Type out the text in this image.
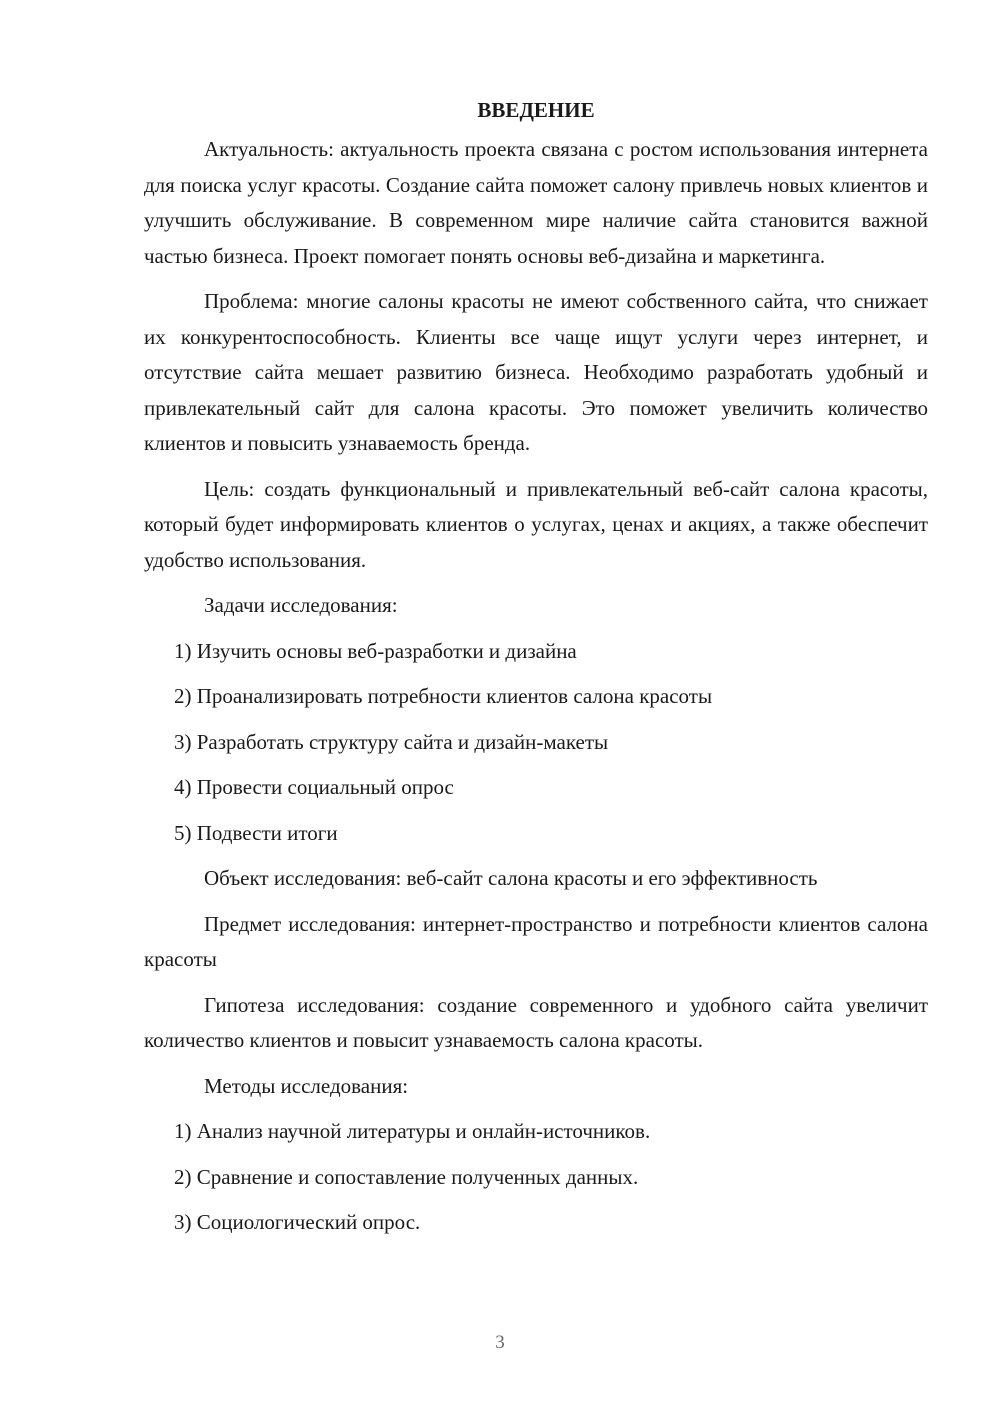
ВВЕДЕНИЕ

Актуальность: актуальность проекта связана с ростом использования интернета для поиска услуг красоты. Создание сайта поможет салону привлечь новых клиентов и улучшить обслуживание. В современном мире наличие сайта становится важной частью бизнеса. Проект помогает понять основы веб-дизайна и маркетинга.

Проблема: многие салоны красоты не имеют собственного сайта, что снижает их конкурентоспособность. Клиенты все чаще ищут услуги через интернет, и отсутствие сайта мешает развитию бизнеса. Необходимо разработать удобный и привлекательный сайт для салона красоты. Это поможет увеличить количество клиентов и повысить узнаваемость бренда.

Цель: создать функциональный и привлекательный веб-сайт салона красоты, который будет информировать клиентов о услугах, ценах и акциях, а также обеспечит удобство использования.

Задачи исследования:

1) Изучить основы веб-разработки и дизайна
2) Проанализировать потребности клиентов салона красоты
3) Разработать структуру сайта и дизайн-макеты
4) Провести социальный опрос
5) Подвести итоги

Объект исследования: веб-сайт салона красоты и его эффективность

Предмет исследования: интернет-пространство и потребности клиентов салона красоты

Гипотеза исследования: создание современного и удобного сайта увеличит количество клиентов и повысит узнаваемость салона красоты.

Методы исследования:

1) Анализ научной литературы и онлайн-источников.
2) Сравнение и сопоставление полученных данных.
3) Социологический опрос.
3
